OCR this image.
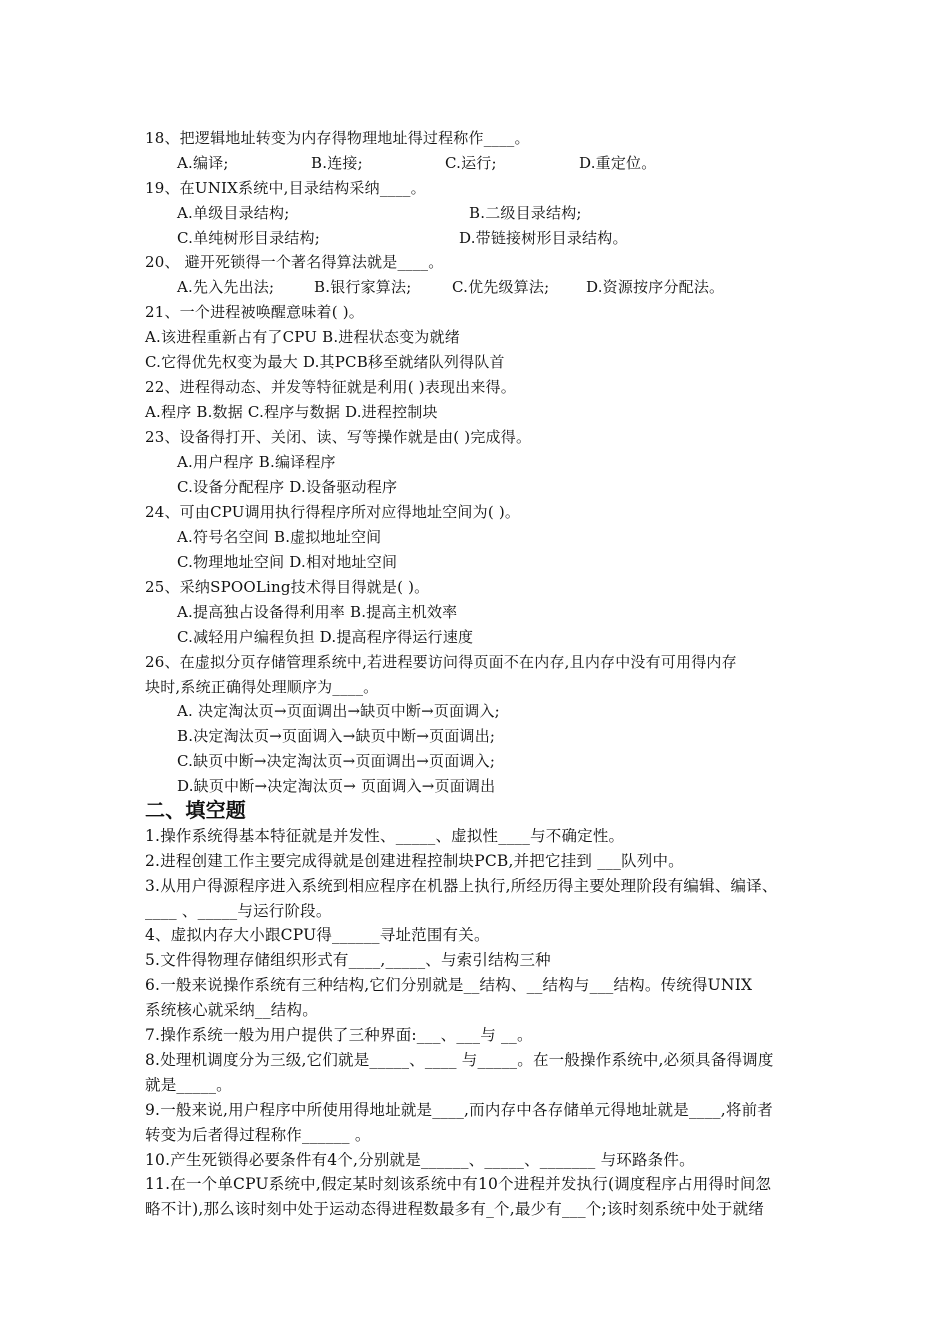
18、把逻辑地址转变为内存得物理地址得过程称作____。
A.编译;	B.连接;	C.运行;	D.重定位。
19、在UNIX系统中,目录结构采纳____。
A.单级目录结构;	B.二级目录结构;
C.单纯树形目录结构;	D.带链接树形目录结构。
20、 避开死锁得一个著名得算法就是____。
A.先入先出法;	B.银行家算法;	C.优先级算法; D.资源按序分配法。
21、一个进程被唤醒意味着( )。
A.该进程重新占有了CPU B.进程状态变为就绪
C.它得优先权变为最大 D.其PCB移至就绪队列得队首
22、进程得动态、并发等特征就是利用( )表现出来得。
A.程序 B.数据 C.程序与数据 D.进程控制块
23、设备得打开、关闭、读、写等操作就是由( )完成得。
A.用户程序 B.编译程序
C.设备分配程序 D.设备驱动程序
24、可由CPU调用执行得程序所对应得地址空间为( )。
A.符号名空间 B.虚拟地址空间
C.物理地址空间 D.相对地址空间
25、采纳SPOOLing技术得目得就是( )。
A.提高独占设备得利用率 B.提高主机效率
C.减轻用户编程负担 D.提高程序得运行速度
26、在虚拟分页存储管理系统中,若进程要访问得页面不在内存,且内存中没有可用得内存
块时,系统正确得处理顺序为____。
A. 决定淘汰页→页面调出→缺页中断→页面调入;
B.决定淘汰页→页面调入→缺页中断→页面调出;
C.缺页中断→决定淘汰页→页面调出→页面调入;
D.缺页中断→决定淘汰页→ 页面调入→页面调出
二、填空题
1.操作系统得基本特征就是并发性、_____、虚拟性____与不确定性。
2.进程创建工作主要完成得就是创建进程控制块PCB,并把它挂到 ___队列中。
3.从用户得源程序进入系统到相应程序在机器上执行,所经历得主要处理阶段有编辑、编译、
____ 、_____与运行阶段。
4、虚拟内存大小跟CPU得______寻址范围有关。
5.文件得物理存储组织形式有____,_____、与索引结构三种
6.一般来说操作系统有三种结构,它们分别就是__结构、__结构与___结构。传统得UNIX
系统核心就采纳__结构。
7.操作系统一般为用户提供了三种界面:___、___与 __。
8.处理机调度分为三级,它们就是_____、____ 与_____。在一般操作系统中,必须具备得调度
就是_____。
9.一般来说,用户程序中所使用得地址就是____,而内存中各存储单元得地址就是____,将前者
转变为后者得过程称作______ 。
10.产生死锁得必要条件有4个,分别就是______、_____、_______ 与环路条件。
11.在一个单CPU系统中,假定某时刻该系统中有10个进程并发执行(调度程序占用得时间忽
略不计),那么该时刻中处于运动态得进程数最多有_个,最少有___个;该时刻系统中处于就绪
